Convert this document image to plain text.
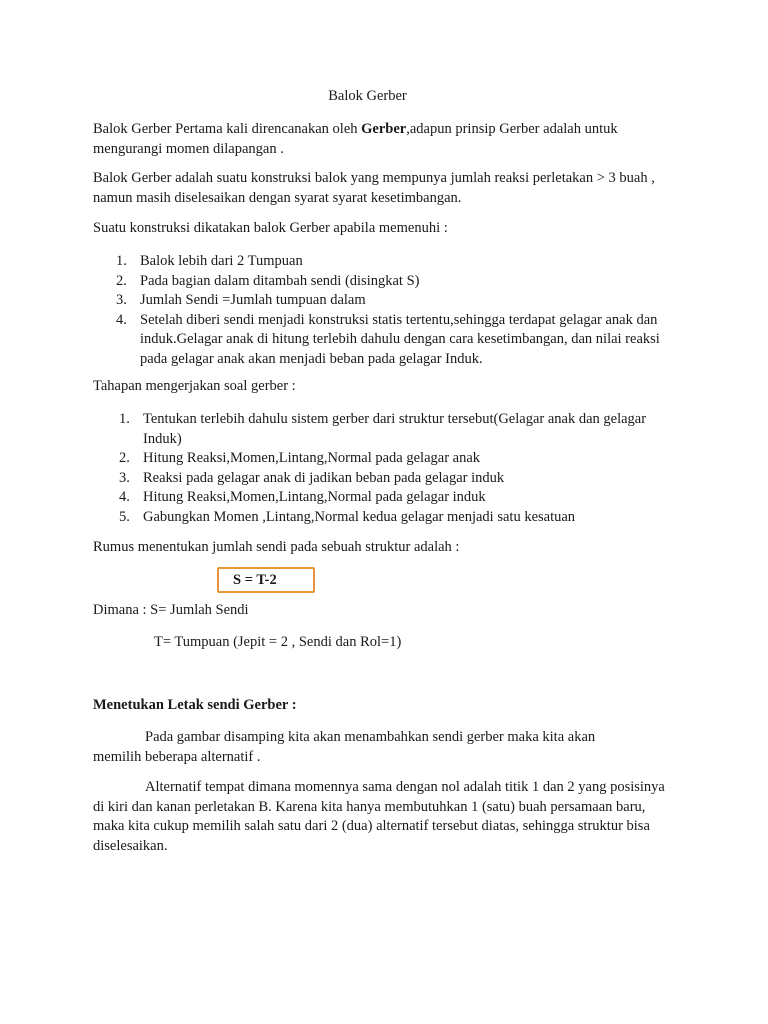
Balok Gerber

Balok Gerber Pertama kali direncanakan oleh Gerber,adapun prinsip Gerber adalah untuk mengurangi momen dilapangan .

Balok Gerber adalah suatu konstruksi balok yang mempunya jumlah reaksi perletakan > 3 buah , namun masih diselesaikan dengan syarat syarat kesetimbangan.

Suatu konstruksi dikatakan balok Gerber apabila memenuhi :

1. Balok lebih dari 2 Tumpuan
2. Pada bagian dalam ditambah sendi (disingkat S)
3. Jumlah Sendi =Jumlah tumpuan dalam
4. Setelah diberi sendi menjadi konstruksi statis tertentu,sehingga terdapat gelagar anak dan induk.Gelagar anak di hitung terlebih dahulu dengan cara kesetimbangan, dan nilai reaksi pada gelagar anak akan menjadi beban pada gelagar Induk.

Tahapan mengerjakan soal gerber :

1. Tentukan terlebih dahulu sistem gerber dari struktur tersebut(Gelagar anak dan gelagar Induk)
2. Hitung Reaksi,Momen,Lintang,Normal pada gelagar anak
3. Reaksi pada gelagar anak di jadikan beban pada gelagar induk
4. Hitung Reaksi,Momen,Lintang,Normal pada gelagar induk
5. Gabungkan Momen ,Lintang,Normal kedua gelagar menjadi satu kesatuan

Rumus menentukan jumlah sendi pada sebuah struktur adalah :

S = T-2

Dimana : S= Jumlah Sendi

T= Tumpuan (Jepit = 2 , Sendi dan Rol=1)

Menetukan Letak sendi Gerber :

Pada gambar disamping kita akan menambahkan sendi gerber maka kita akan memilih beberapa alternatif .

Alternatif tempat dimana momennya sama dengan nol adalah titik 1 dan 2 yang posisinya di kiri dan kanan perletakan B. Karena kita hanya membutuhkan 1 (satu) buah persamaan baru, maka kita cukup memilih salah satu dari 2 (dua) alternatif tersebut diatas, sehingga struktur bisa diselesaikan.
